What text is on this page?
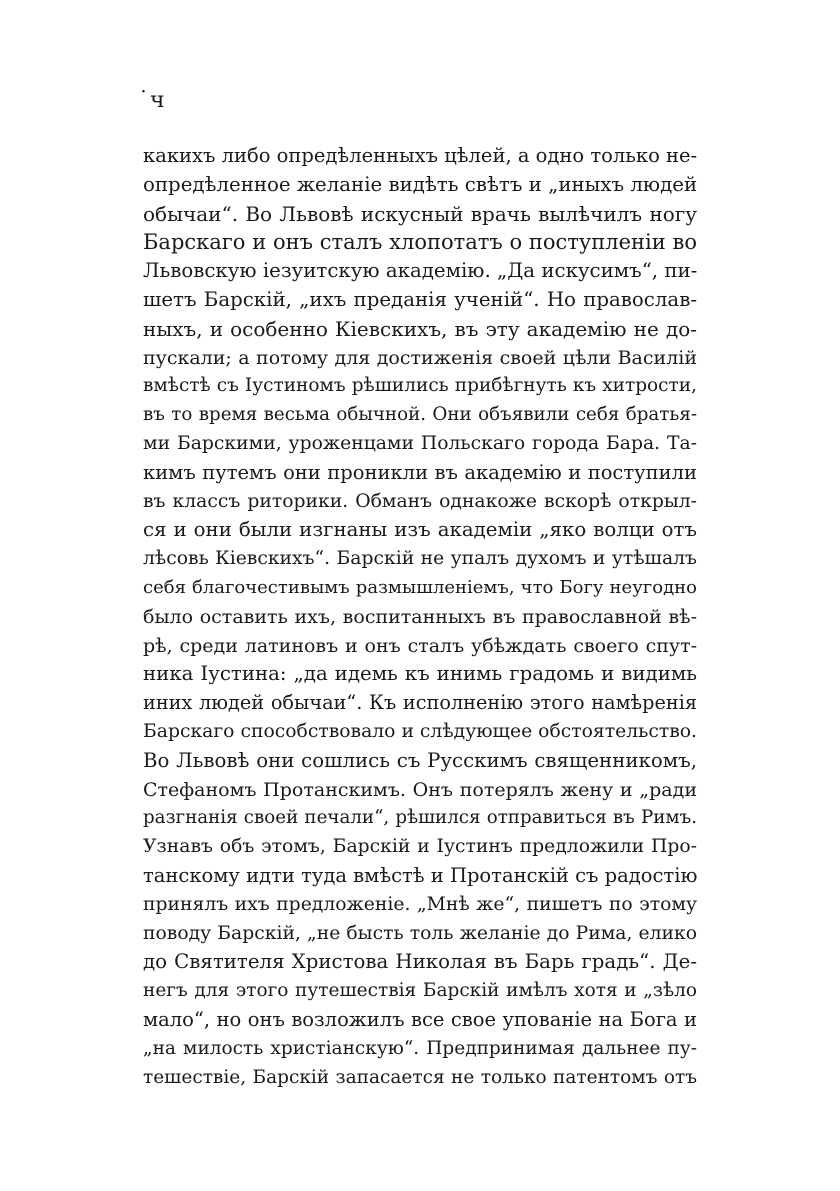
˙ч
какихъ либо опредѣленныхъ цѣлей, а одно только не-
опредѣленное желаніе видѣть свѣтъ и „иныхъ людей
обычаи“. Во Львовѣ искусный врачь вылѣчилъ ногу
Барскаго и онъ сталъ хлопотатъ о поступленіи во
Львовскую іезуитскую академію. „Да искусимъ“, пи-
шетъ Барскій, „ихъ преданія ученій“. Но православ-
ныхъ, и особенно Кіевскихъ, въ эту академію не до-
пускали; а потому для достиженія своей цѣли Василій
вмѣстѣ съ Іустиномъ рѣшились прибѣгнуть къ хитрости,
въ то время весьма обычной. Они объявили себя братья-
ми Барскими, уроженцами Польскаго города Бара. Та-
кимъ путемъ они проникли въ академію и поступили
въ классъ риторики. Обманъ однакоже вскорѣ открыл-
ся и они были изгнаны изъ академіи „яко волци отъ
лѣсовь Кіевскихъ“. Барскій не упалъ духомъ и утѣшалъ
себя благочестивымъ размышленіемъ, что Богу неугодно
было оставить ихъ, воспитанныхъ въ православной вѣ-
рѣ, среди латиновъ и онъ сталъ убѣждать своего спут-
ника Іустина: „да идемь къ инимь градомь и видимь
иних людей обычаи“. Къ исполненію этого намѣренія
Барскаго способствовало и слѣдующее обстоятельство.
Во Львовѣ они сошлись съ Русскимъ священникомъ,
Стефаномъ Протанскимъ. Онъ потерялъ жену и „ради
разгнанія своей печали“, рѣшился отправиться въ Римъ.
Узнавъ объ этомъ, Барскій и Іустинъ предложили Про-
танскому идти туда вмѣстѣ и Протанскій съ радостію
принялъ ихъ предложеніе. „Мнѣ же“, пишетъ по этому
поводу Барскій, „не бысть толь желаніе до Рима, елико
до Святителя Христова Николая въ Барь градь“. Де-
негъ для этого путешествія Барскій имѣлъ хотя и „зѣло
мало“, но онъ возложилъ все свое упованіе на Бога и
„на милость христіанскую“. Предпринимая дальнее пу-
тешествіе, Барскій запасается не только патентомъ отъ
